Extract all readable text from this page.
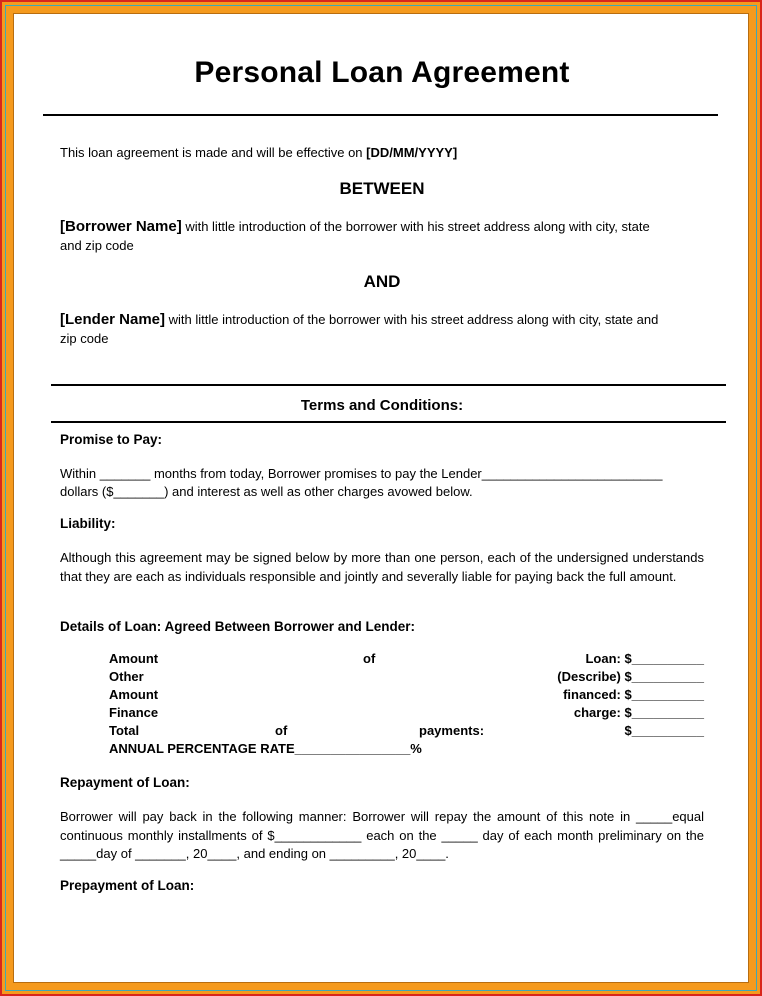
Personal Loan Agreement
This loan agreement is made and will be effective on [DD/MM/YYYY]
BETWEEN
[Borrower Name] with little introduction of the borrower with his street address along with city, state
and zip code
AND
[Lender Name] with little introduction of the borrower with his street address along with city, state and
zip code
Terms and Conditions:
Promise to Pay:
Within _______ months from today, Borrower promises to pay the Lender_________________________
dollars ($_______) and interest as well as other charges avowed below.
Liability:
Although this agreement may be signed below by more than one person, each of the undersigned understands that they are each as individuals responsible and jointly and severally liable for paying back the full amount.
Details of Loan: Agreed Between Borrower and Lender:
Amount	of	Loan: $__________
Other	(Describe) $__________
Amount	financed: $__________
Finance	charge: $__________
Total	of	payments:	$__________
ANNUAL PERCENTAGE RATE________________%
Repayment of Loan:
Borrower will pay back in the following manner: Borrower will repay the amount of this note in _____equal continuous monthly installments of $____________ each on the _____ day of each month preliminary on the _____day of _______, 20____, and ending on _________, 20____.
Prepayment of Loan:
